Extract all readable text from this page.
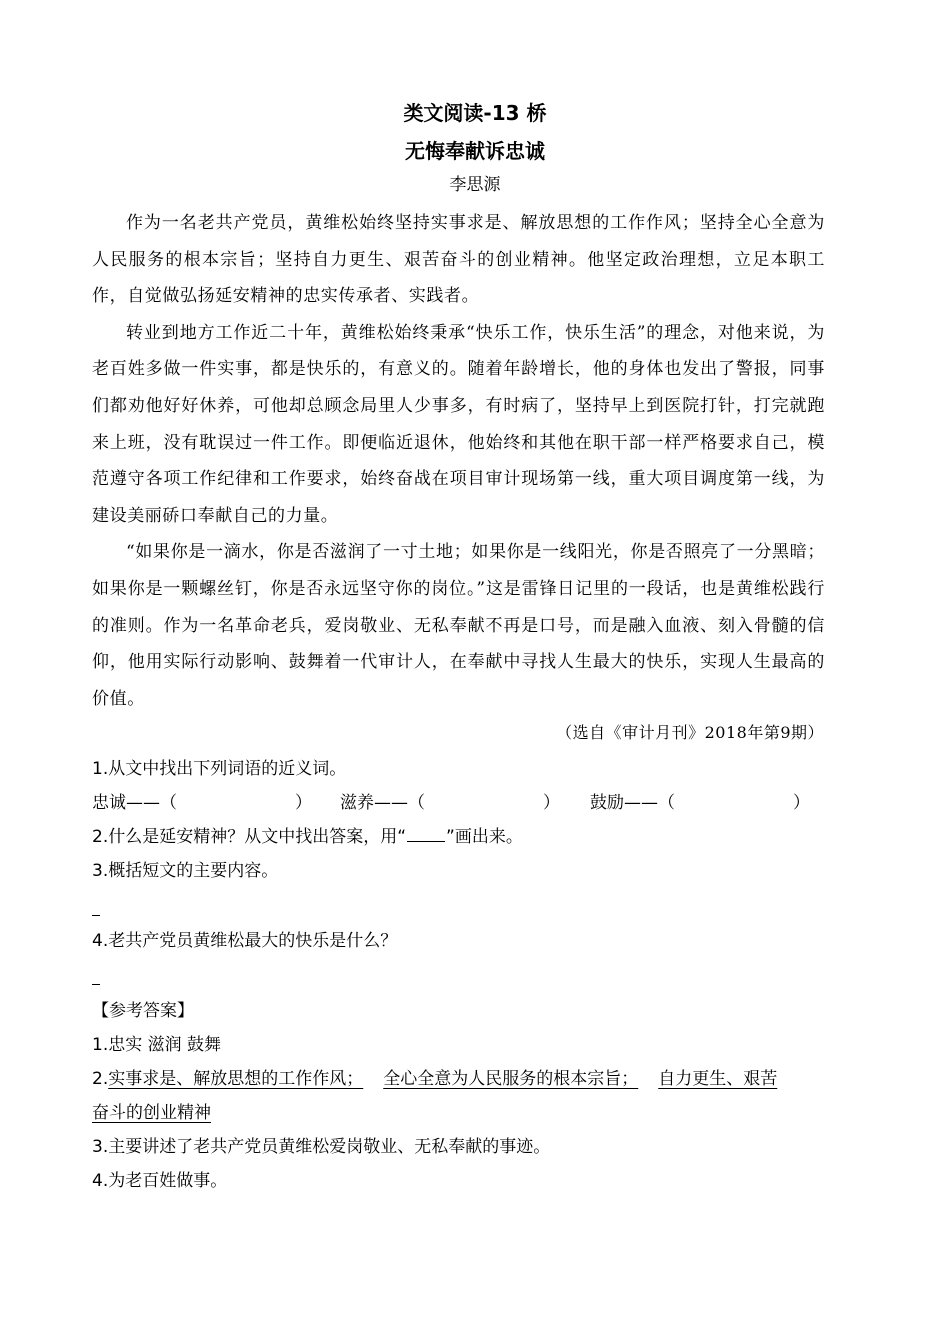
类文阅读-13 桥
无悔奉献诉忠诚
李思源

作为一名老共产党员，黄维松始终坚持实事求是、解放思想的工作作风；坚持全心全意为人民服务的根本宗旨；坚持自力更生、艰苦奋斗的创业精神。他坚定政治理想，立足本职工作，自觉做弘扬延安精神的忠实传承者、实践者。

转业到地方工作近二十年，黄维松始终秉承“快乐工作，快乐生活”的理念，对他来说，为老百姓多做一件实事，都是快乐的，有意义的。随着年龄增长，他的身体也发出了警报，同事们都劝他好好休养，可他却总顾念局里人少事多，有时病了，坚持早上到医院打针，打完就跑来上班，没有耽误过一件工作。即便临近退休，他始终和其他在职干部一样严格要求自己，模范遵守各项工作纪律和工作要求，始终奋战在项目审计现场第一线，重大项目调度第一线，为建设美丽硚口奉献自己的力量。

“如果你是一滴水，你是否滋润了一寸土地；如果你是一线阳光，你是否照亮了一分黑暗；如果你是一颗螺丝钉，你是否永远坚守你的岗位。”这是雷锋日记里的一段话，也是黄维松践行的准则。作为一名革命老兵，爱岗敬业、无私奉献不再是口号，而是融入血液、刻入骨髓的信仰，他用实际行动影响、鼓舞着一代审计人，在奉献中寻找人生最大的快乐，实现人生最高的价值。

（选自《审计月刊》2018年第9期）
1.从文中找出下列词语的近义词。
忠诚——（	） 滋养——（	） 鼓励——（	）
2.什么是延安精神？从文中找出答案，用“ ”画出来。
3.概括短文的主要内容。
4.老共产党员黄维松最大的快乐是什么？
【参考答案】
1.忠实 滋润 鼓舞
2.实事求是、解放思想的工作作风； 全心全意为人民服务的根本宗旨； 自力更生、艰苦
奋斗的创业精神
3.主要讲述了老共产党员黄维松爱岗敬业、无私奉献的事迹。
4.为老百姓做事。
